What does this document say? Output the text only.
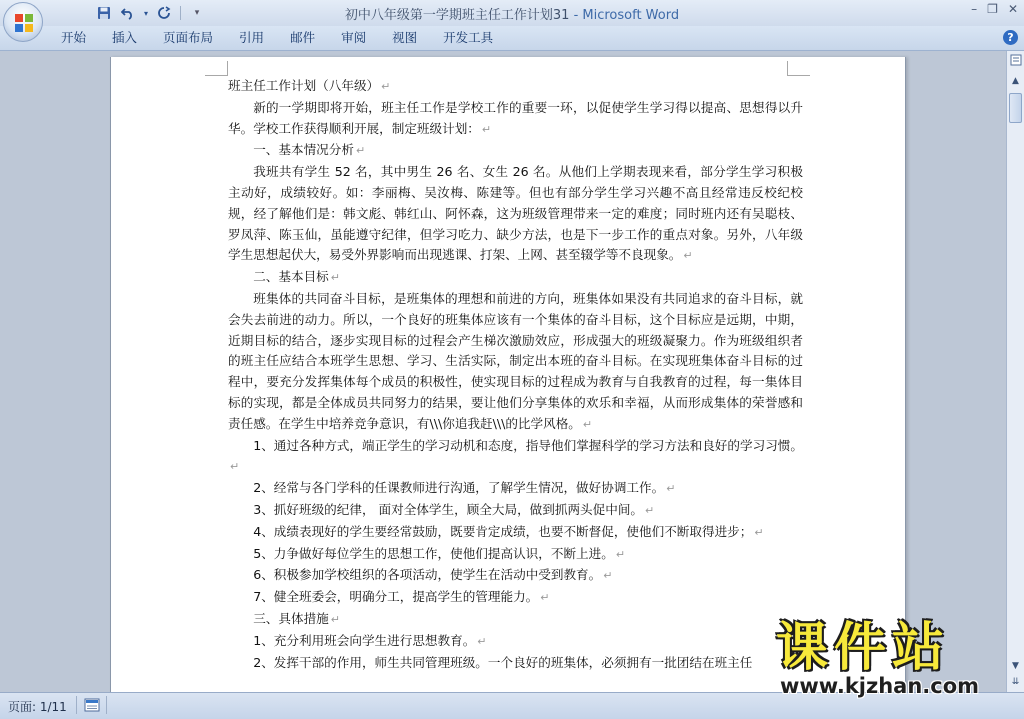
▾	▾	初中八年级第一学期班主任工作计划31 - Microsoft Word	– ❐ ✕
开始	插入	页面布局	引用	邮件	审阅	视图	开发工具	?

班主任工作计划（八年级） ↵

新的一学期即将开始，班主任工作是学校工作的重要一环，以促使学生学习得以提高、思想得以升华。学校工作获得顺利开展，制定班级计划： ↵

一、基本情况分析 ↵

我班共有学生 52 名，其中男生 26 名、女生 26 名。从他们上学期表现来看，部分学生学习积极主动好，成绩较好。如：李丽梅、吴汝梅、陈建等。但也有部分学生学习兴趣不高且经常违反校纪校规，经了解他们是：韩文彪、韩红山、阿怀森，这为班级管理带来一定的难度；同时班内还有吴聪枝、罗凤萍、陈玉仙，虽能遵守纪律，但学习吃力、缺少方法，也是下一步工作的重点对象。另外，八年级学生思想起伏大，易受外界影响而出现逃课、打架、上网、甚至辍学等不良现象。 ↵

二、基本目标 ↵

班集体的共同奋斗目标，是班集体的理想和前进的方向，班集体如果没有共同追求的奋斗目标，就会失去前进的动力。所以，一个良好的班集体应该有一个集体的奋斗目标，这个目标应是远期，中期，近期目标的结合，逐步实现目标的过程会产生梯次激励效应，形成强大的班级凝聚力。作为班级组织者的班主任应结合本班学生思想、学习、生活实际，制定出本班的奋斗目标。在实现班集体奋斗目标的过程中，要充分发挥集体每个成员的积极性，使实现目标的过程成为教育与自我教育的过程，每一集体目标的实现，都是全体成员共同努力的结果，要让他们分享集体的欢乐和幸福，从而形成集体的荣誉感和责任感。在学生中培养竞争意识，有\\\你追我赶\\\的比学风格。 ↵

1、通过各种方式，端正学生的学习动机和态度，指导他们掌握科学的学习方法和良好的学习习惯。↵

2、经常与各门学科的任课教师进行沟通，了解学生情况，做好协调工作。 ↵

3、抓好班级的纪律， 面对全体学生，顾全大局，做到抓两头促中间。 ↵

4、成绩表现好的学生要经常鼓励，既要肯定成绩，也要不断督促，使他们不断取得进步； ↵

5、力争做好每位学生的思想工作，使他们提高认识，不断上进。 ↵

6、积极参加学校组织的各项活动，使学生在活动中受到教育。 ↵

7、健全班委会，明确分工，提高学生的管理能力。 ↵

三、具体措施 ↵

1、充分利用班会向学生进行思想教育。 ↵

2、发挥干部的作用，师生共同管理班级。一个良好的班集体，必须拥有一批团结在班主任

▲
▼
⇊
页面: 1/11
课件站
www.kjzhan.com
